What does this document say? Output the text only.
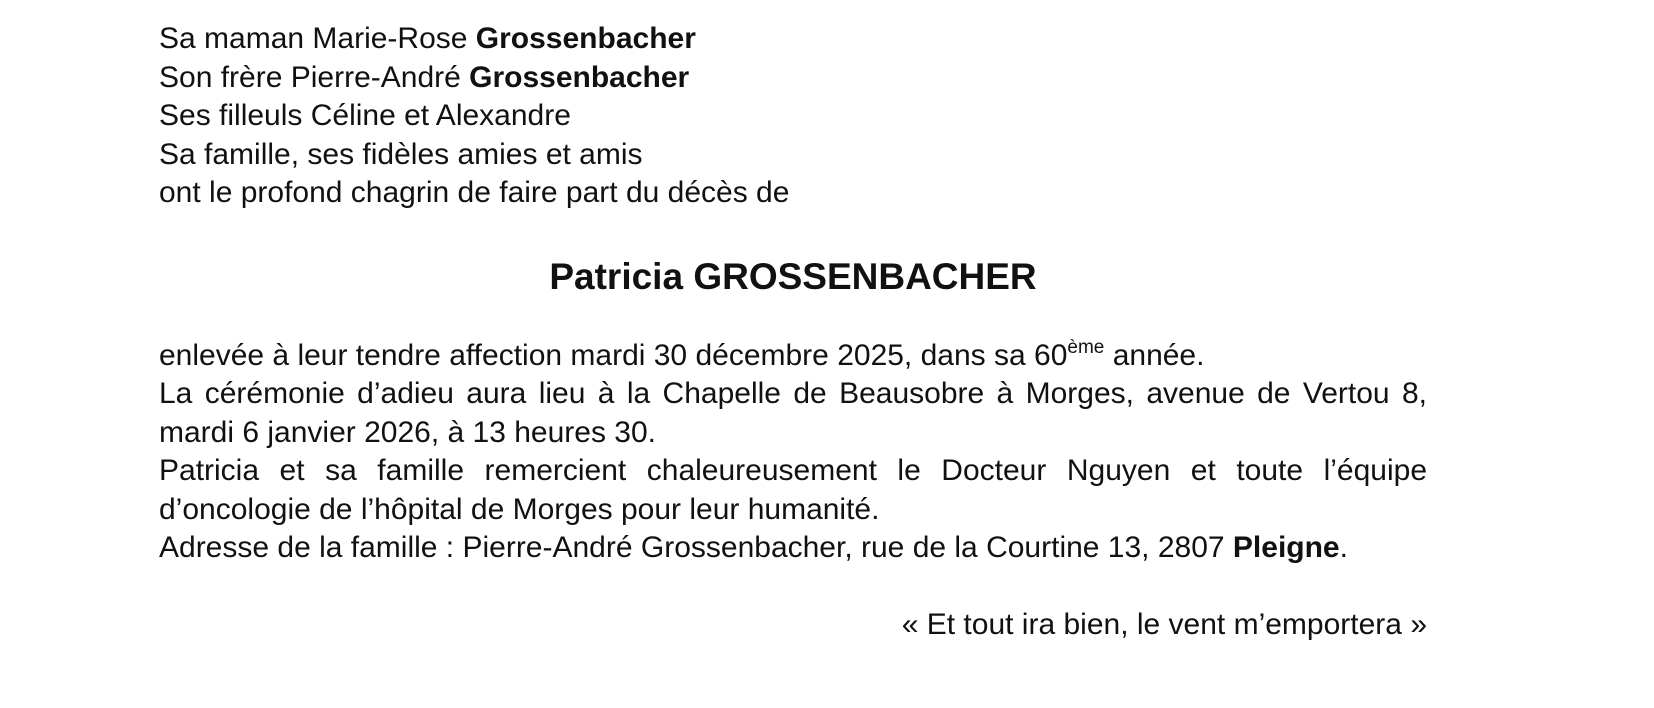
Sa maman Marie-Rose Grossenbacher
Son frère Pierre-André Grossenbacher
Ses filleuls Céline et Alexandre
Sa famille, ses fidèles amies et amis
ont le profond chagrin de faire part du décès de
Patricia GROSSENBACHER
enlevée à leur tendre affection mardi 30 décembre 2025, dans sa 60ème année.
La cérémonie d’adieu aura lieu à la Chapelle de Beausobre à Morges, avenue de Vertou 8, mardi 6 janvier 2026, à 13 heures 30.
Patricia et sa famille remercient chaleureusement le Docteur Nguyen et toute l’équipe d’oncologie de l’hôpital de Morges pour leur humanité.
Adresse de la famille : Pierre-André Grossenbacher, rue de la Courtine 13, 2807 Pleigne.
« Et tout ira bien, le vent m’emportera »
